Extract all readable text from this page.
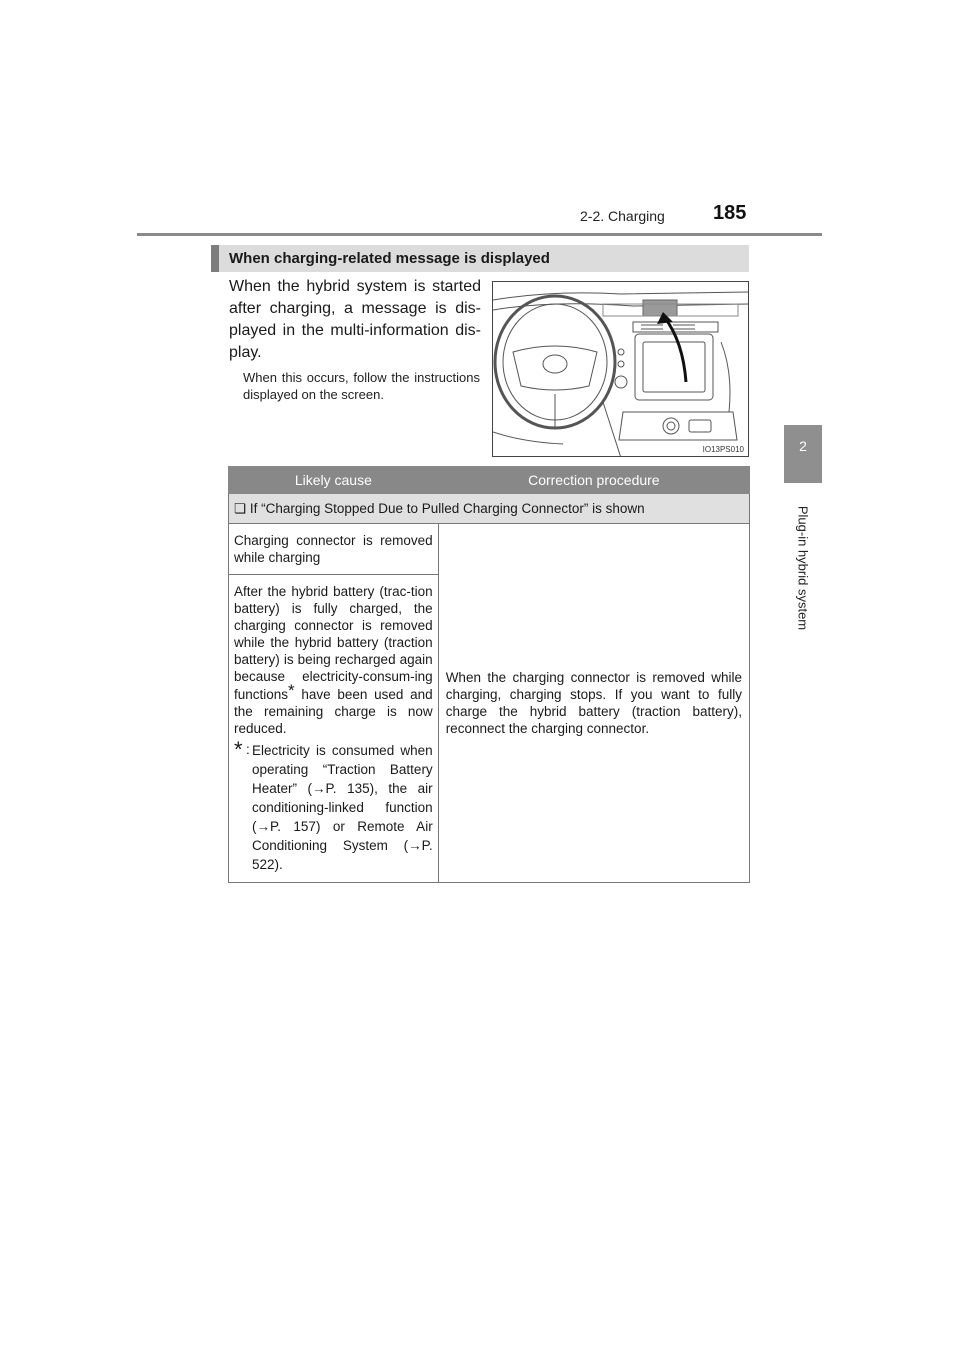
2-2. Charging 185
2
Plug-in hybrid system
When charging-related message is displayed
When the hybrid system is started after charging, a message is dis-played in the multi-information dis-play.
When this occurs, follow the instructions displayed on the screen.
IO13PS010
Likely cause	Correction procedure
❏ If “Charging Stopped Due to Pulled Charging Connector” is shown	
Charging connector is removed while charging	When the charging connector is removed while charging, charging stops. If you want to fully charge the hybrid battery (traction battery), reconnect the charging connector.

After the hybrid battery (trac-tion battery) is fully charged, the charging connector is removed while the hybrid battery (traction battery) is being recharged again because electricity-consum-ing functions* have been used and the remaining charge is now reduced.
* : Electricity is consumed when operating “Traction Battery Heater” (→P. 135), the air conditioning-linked function (→P. 157) or Remote Air Conditioning System (→P. 522).	
